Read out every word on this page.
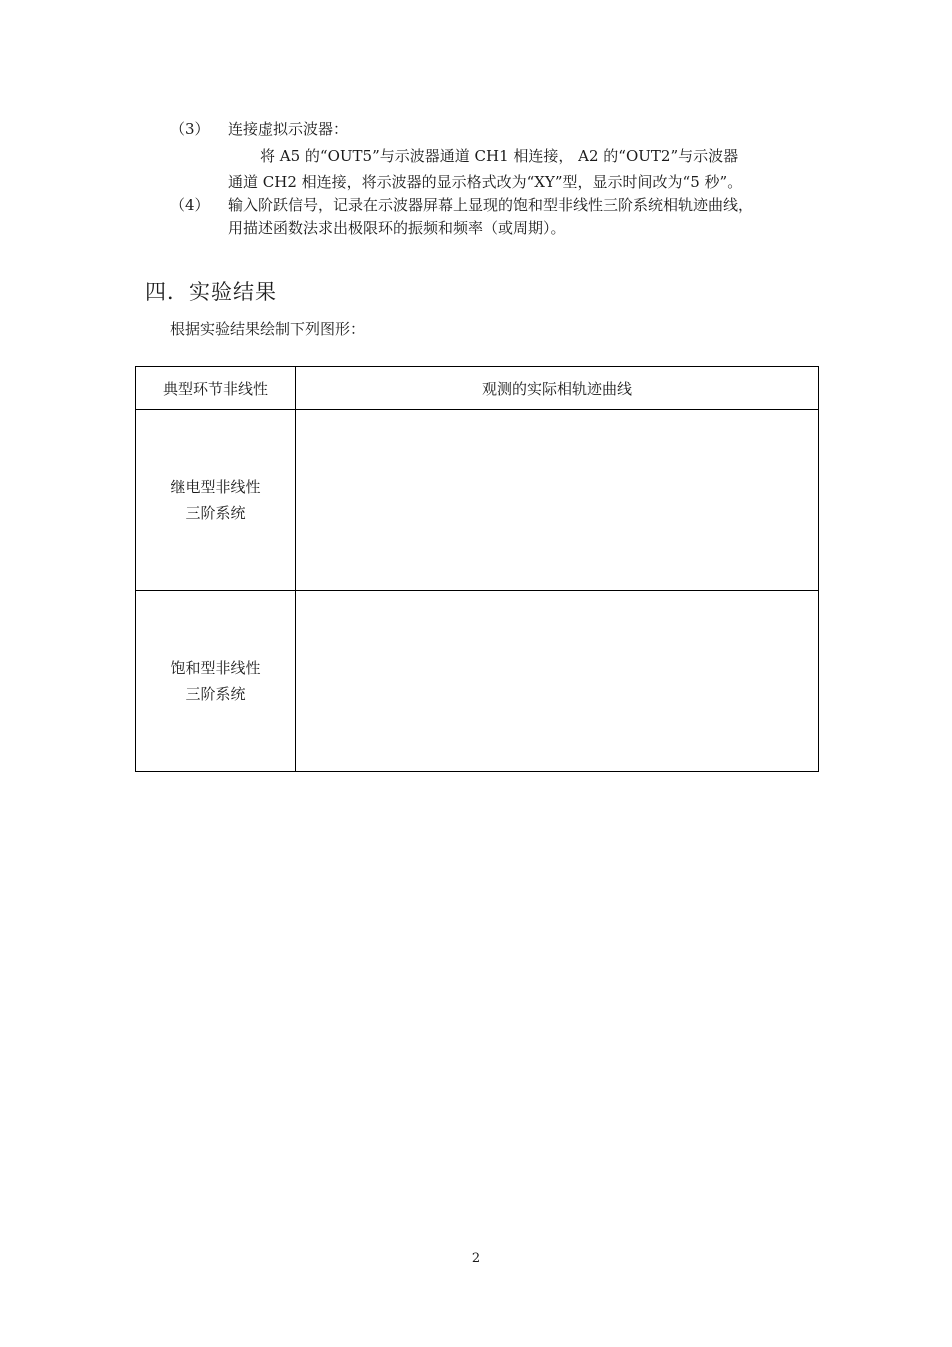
（3） 连接虚拟示波器：
将 A5 的“OUT5”与示波器通道 CH1 相连接， A2 的“OUT2”与示波器
通道 CH2 相连接，将示波器的显示格式改为“XY”型，显示时间改为“5 秒”。
（4） 输入阶跃信号，记录在示波器屏幕上显现的饱和型非线性三阶系统相轨迹曲线，
用描述函数法求出极限环的振频和频率（或周期）。
四．实验结果
根据实验结果绘制下列图形：
典型环节非线性	观测的实际相轨迹曲线

继电型非线性
三阶系统	

饱和型非线性
三阶系统	

2
